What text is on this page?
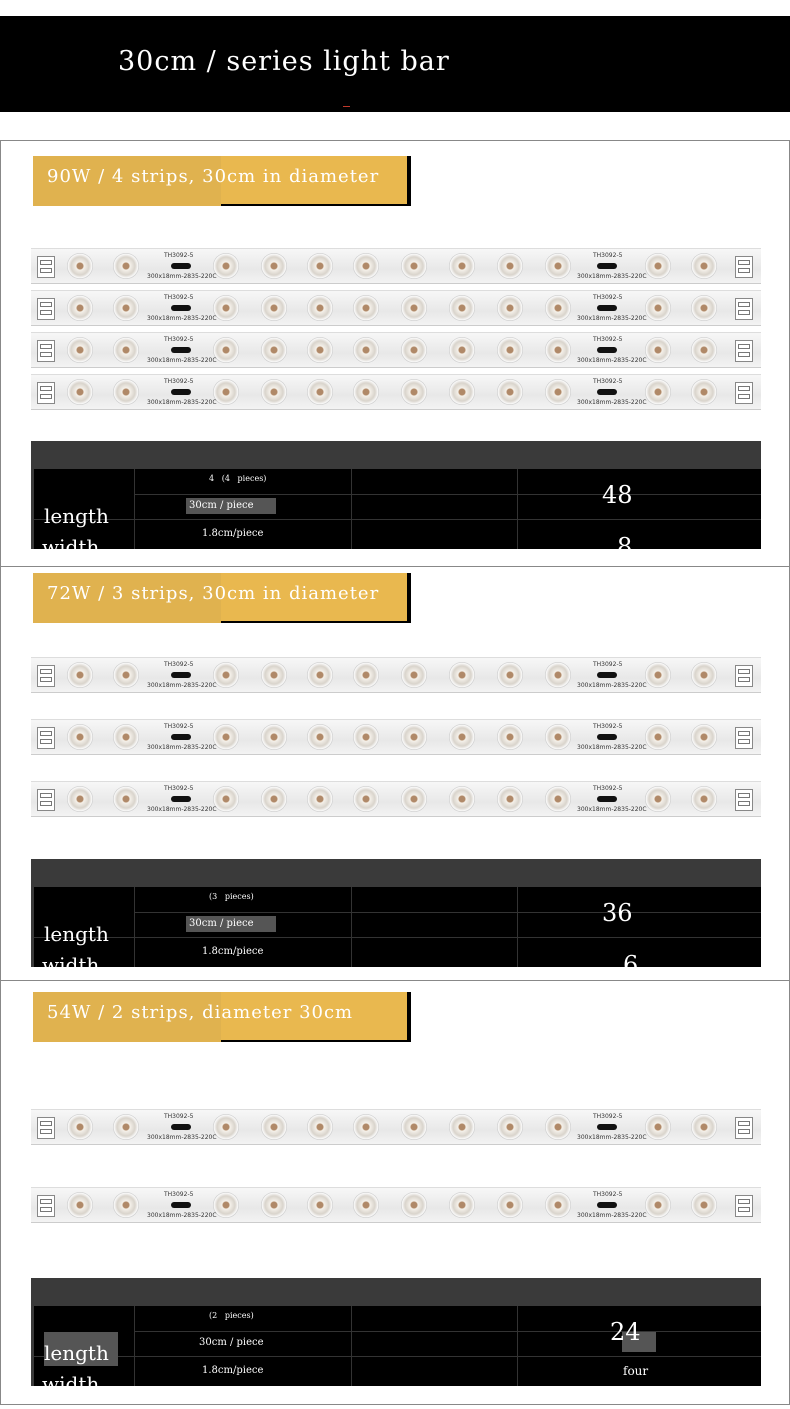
30cm / series light bar
90W / 4 strips, 30cm in diameter
TH3092-5
300x18mm-2835-220C
TH3092-5
300x18mm-2835-220C
TH3092-5
300x18mm-2835-220C
TH3092-5
300x18mm-2835-220C
TH3092-5
300x18mm-2835-220C
TH3092-5
300x18mm-2835-220C
TH3092-5
300x18mm-2835-220C
TH3092-5
300x18mm-2835-220C
4   (4   pieces)
30cm / piece
1.8cm/piece
48
8
length
width
72W / 3 strips, 30cm in diameter
TH3092-5
300x18mm-2835-220C
TH3092-5
300x18mm-2835-220C
TH3092-5
300x18mm-2835-220C
TH3092-5
300x18mm-2835-220C
TH3092-5
300x18mm-2835-220C
TH3092-5
300x18mm-2835-220C
(3   pieces)
30cm / piece
1.8cm/piece
36
6
length
width
54W / 2 strips, diameter 30cm
TH3092-5
300x18mm-2835-220C
TH3092-5
300x18mm-2835-220C
TH3092-5
300x18mm-2835-220C
TH3092-5
300x18mm-2835-220C
(2   pieces)
30cm / piece
1.8cm/piece
24
four
length
width
